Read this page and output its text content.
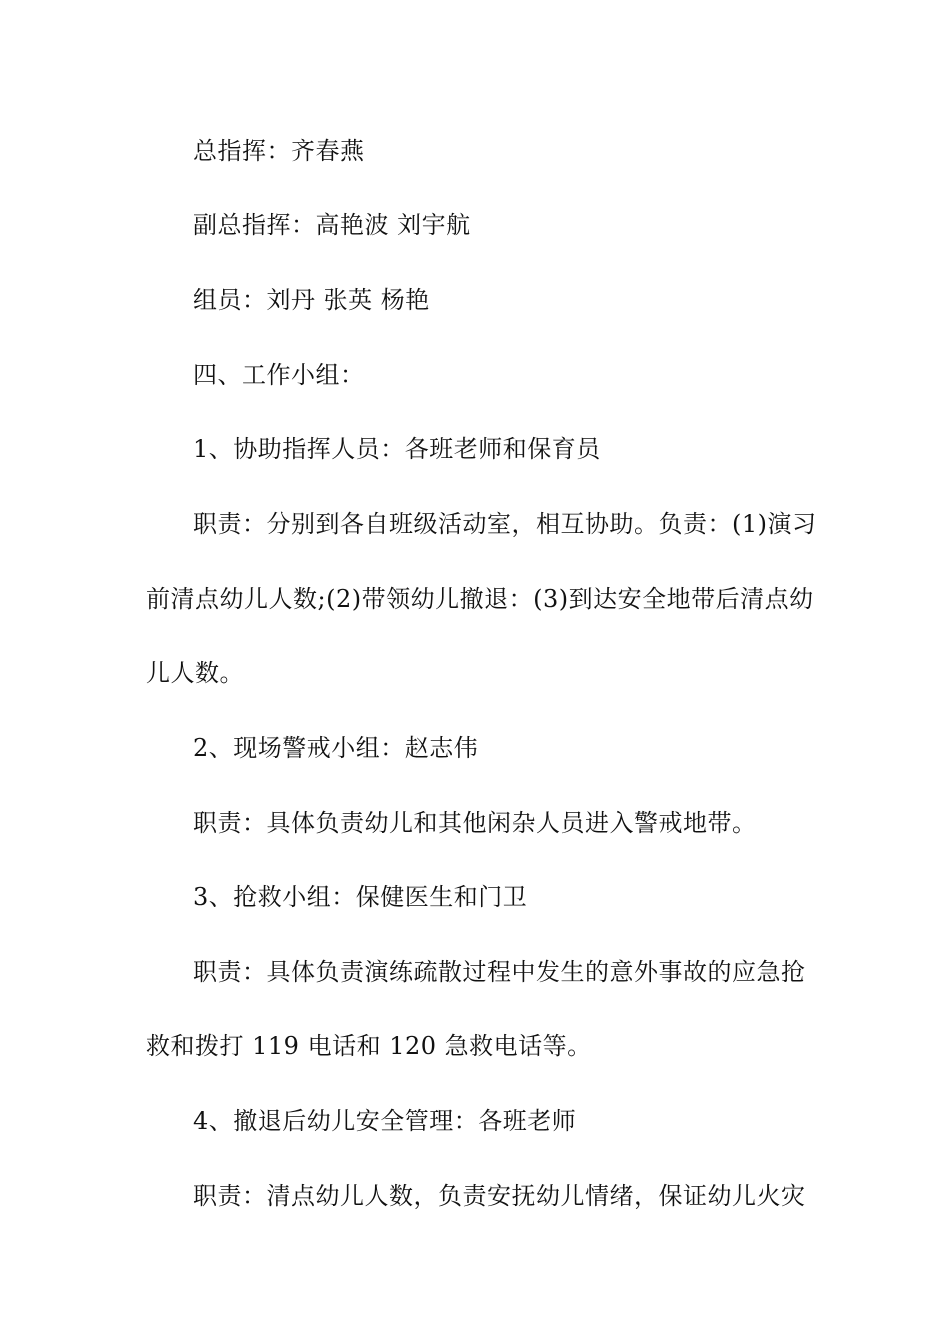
总指挥：齐春燕
副总指挥：高艳波 刘宇航
组员：刘丹 张英 杨艳
四、工作小组：
1、协助指挥人员：各班老师和保育员
职责：分别到各自班级活动室，相互协助。负责：(1)演习
前清点幼儿人数;(2)带领幼儿撤退：(3)到达安全地带后清点幼
儿人数。
2、现场警戒小组：赵志伟
职责：具体负责幼儿和其他闲杂人员进入警戒地带。
3、抢救小组：保健医生和门卫
职责：具体负责演练疏散过程中发生的意外事故的应急抢
救和拨打 119 电话和 120 急救电话等。
4、撤退后幼儿安全管理：各班老师
职责：清点幼儿人数，负责安抚幼儿情绪，保证幼儿火灾
